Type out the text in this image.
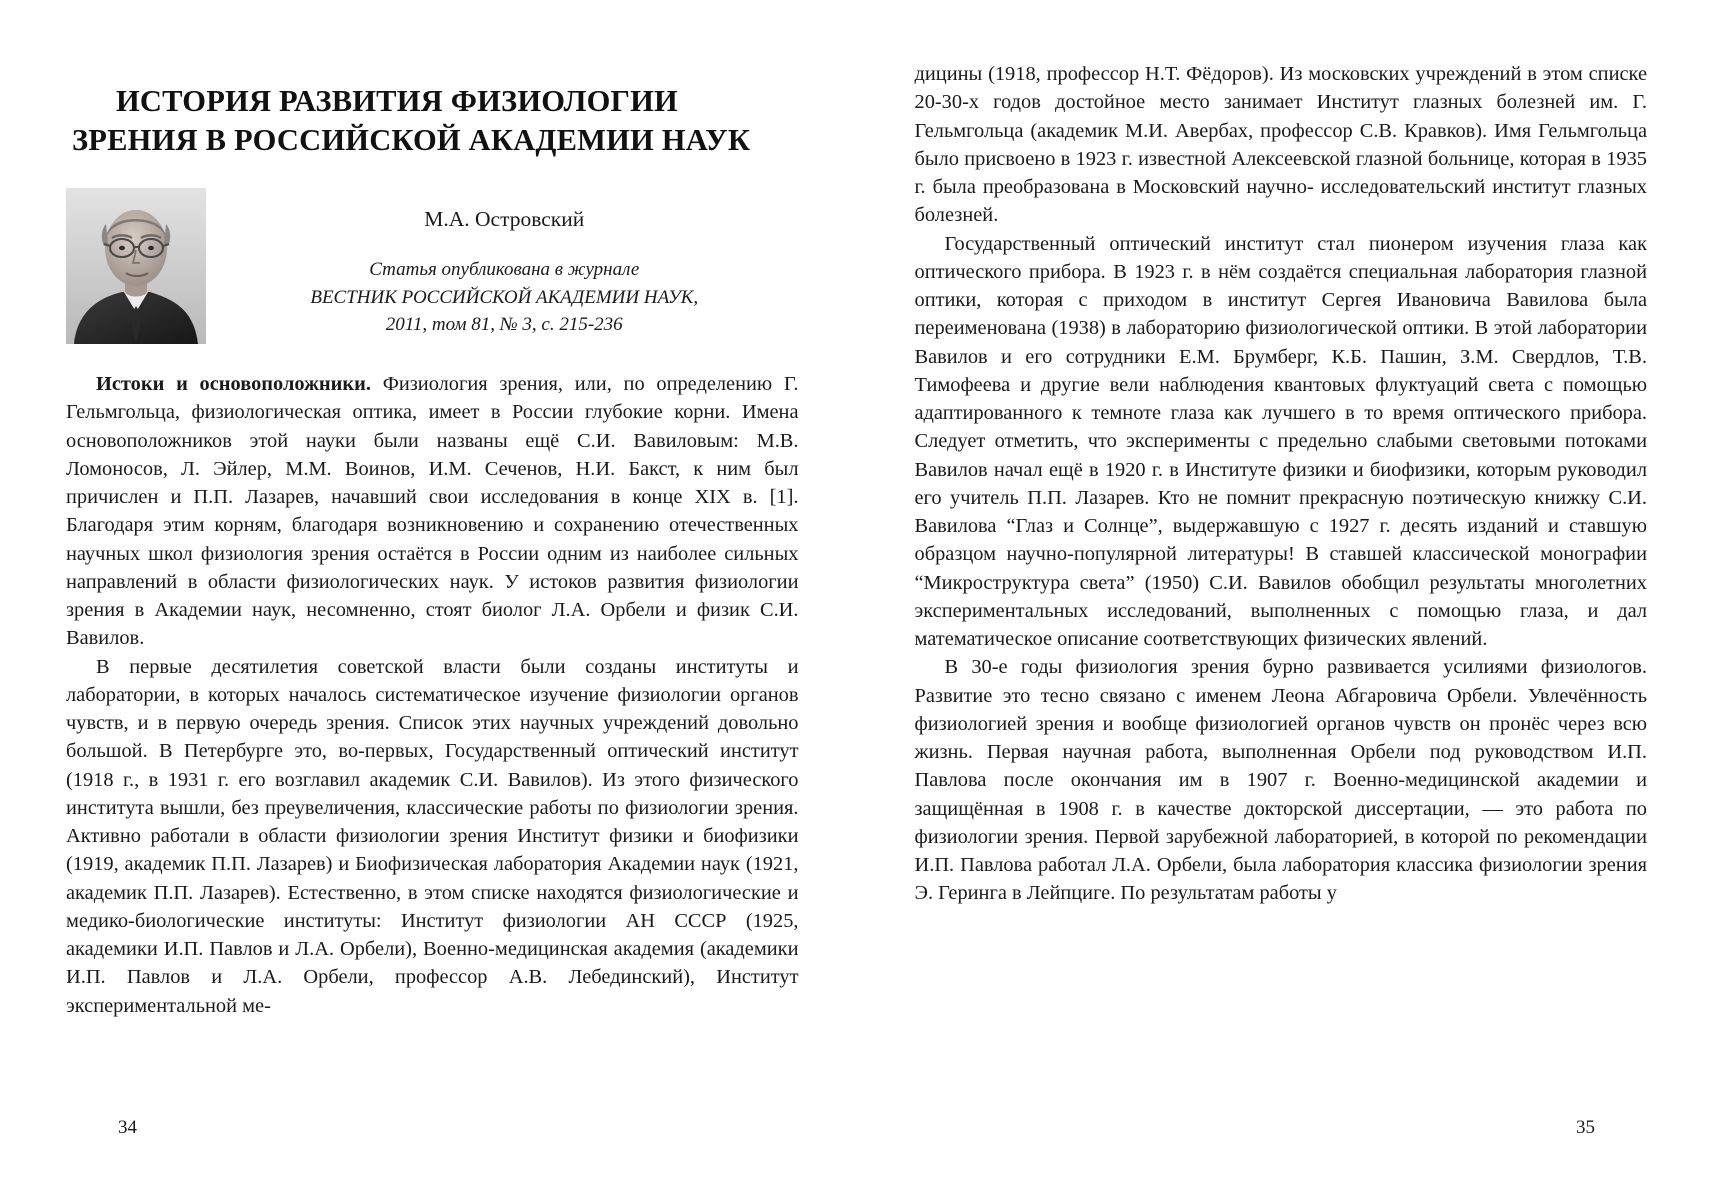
ИСТОРИЯ РАЗВИТИЯ ФИЗИОЛОГИИ
ЗРЕНИЯ В РОССИЙСКОЙ АКАДЕМИИ НАУК
М.А. Островский
Статья опубликована в журнале
ВЕСТНИК РОССИЙСКОЙ АКАДЕМИИ НАУК,
2011, том 81, № 3, с. 215-236

Истоки и основоположники. Физиология зрения, или, по определению Г. Гельмгольца, физиологическая оптика, имеет в России глубокие корни. Имена основоположников этой науки были названы ещё С.И. Вавиловым: М.В. Ломоносов, Л. Эйлер, М.М. Воинов, И.М. Сеченов, Н.И. Бакст, к ним был причислен и П.П. Лазарев, начавший свои исследования в конце XIX в. [1]. Благодаря этим корням, благодаря возникновению и сохранению отечественных научных школ физиология зрения остаётся в России одним из наиболее сильных направлений в области физиологических наук. У истоков развития физиологии зрения в Академии наук, несомненно, стоят биолог Л.А. Орбели и физик С.И. Вавилов.

В первые десятилетия советской власти были созданы институты и лаборатории, в которых началось систематическое изучение физиологии органов чувств, и в первую очередь зрения. Список этих научных учреждений довольно большой. В Петербурге это, во-первых, Государственный оптический институт (1918 г., в 1931 г. его возглавил академик С.И. Вавилов). Из этого физического института вышли, без преувеличения, классические работы по физиологии зрения. Активно работали в области физиологии зрения Институт физики и биофизики (1919, академик П.П. Лазарев) и Биофизическая лаборатория Академии наук (1921, академик П.П. Лазарев). Естественно, в этом списке находятся физиологические и медико-биологические институты: Институт физиологии АН СССР (1925, академики И.П. Павлов и Л.А. Орбели), Военно-медицинская академия (академики И.П. Павлов и Л.А. Орбели, профессор А.В. Лебединский), Институт экспериментальной ме-

34

дицины (1918, профессор Н.Т. Фёдоров). Из московских учреждений в этом списке 20-30-х годов достойное место занимает Институт глазных болезней им. Г. Гельмгольца (академик М.И. Авербах, профессор С.В. Кравков). Имя Гельмгольца было присвоено в 1923 г. известной Алексеевской глазной больнице, которая в 1935 г. была преобразована в Московский научно- исследовательский институт глазных болезней.

Государственный оптический институт стал пионером изучения глаза как оптического прибора. В 1923 г. в нём создаётся специальная лаборатория глазной оптики, которая с приходом в институт Сергея Ивановича Вавилова была переименована (1938) в лабораторию физиологической оптики. В этой лаборатории Вавилов и его сотрудники Е.М. Брумберг, К.Б. Пашин, З.М. Свердлов, Т.В. Тимофеева и другие вели наблюдения квантовых флуктуаций света с помощью адаптированного к темноте глаза как лучшего в то время оптического прибора. Следует отметить, что эксперименты с предельно слабыми световыми потоками Вавилов начал ещё в 1920 г. в Институте физики и биофизики, которым руководил его учитель П.П. Лазарев. Кто не помнит прекрасную поэтическую книжку С.И. Вавилова “Глаз и Солнце”, выдержавшую с 1927 г. десять изданий и ставшую образцом научно-популярной литературы! В ставшей классической монографии “Микроструктура света” (1950) С.И. Вавилов обобщил результаты многолетних экспериментальных исследований, выполненных с помощью глаза, и дал математическое описание соответствующих физических явлений.

В 30-е годы физиология зрения бурно развивается усилиями физиологов. Развитие это тесно связано с именем Леона Абгаровича Орбели. Увлечённость физиологией зрения и вообще физиологией органов чувств он пронёс через всю жизнь. Первая научная работа, выполненная Орбели под руководством И.П. Павлова после окончания им в 1907 г. Военно-медицинской академии и защищённая в 1908 г. в качестве докторской диссертации, — это работа по физиологии зрения. Первой зарубежной лабораторией, в которой по рекомендации И.П. Павлова работал Л.А. Орбели, была лаборатория классика физиологии зрения Э. Геринга в Лейпциге. По результатам работы у

35
